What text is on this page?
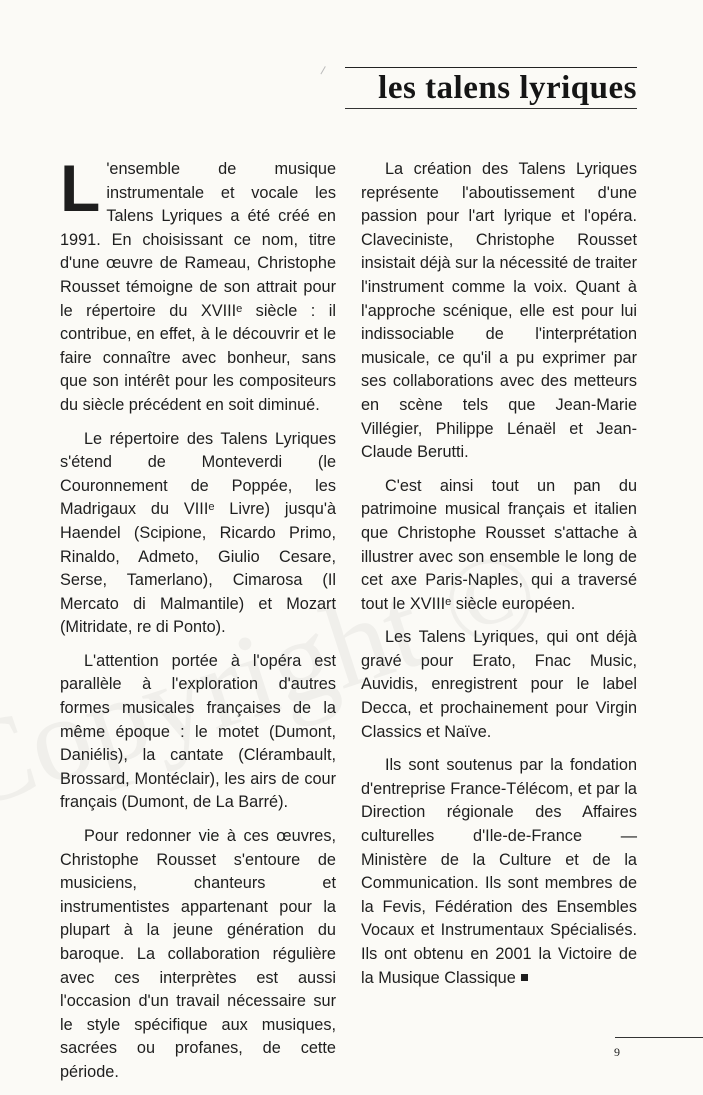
les talens lyriques

L 'ensemble de musique instrumentale et vocale les Talens Lyriques a été créé en 1991. En choisissant ce nom, titre d'une œuvre de Rameau, Christophe Rousset témoigne de son attrait pour le répertoire du XVIIIᵉ siècle : il contribue, en effet, à le découvrir et le faire connaître avec bonheur, sans que son intérêt pour les compositeurs du siècle précédent en soit diminué.

Le répertoire des Talens Lyriques s'étend de Monteverdi (le Couronnement de Poppée, les Madrigaux du VIIIᵉ Livre) jusqu'à Haendel (Scipione, Ricardo Primo, Rinaldo, Admeto, Giulio Cesare, Serse, Tamerlano), Cimarosa (Il Mercato di Malmantile) et Mozart (Mitridate, re di Ponto).

L'attention portée à l'opéra est parallèle à l'exploration d'autres formes musicales françaises de la même époque : le motet (Dumont, Daniélis), la cantate (Clérambault, Brossard, Montéclair), les airs de cour français (Dumont, de La Barré).

Pour redonner vie à ces œuvres, Christophe Rousset s'entoure de musiciens, chanteurs et instrumentistes appartenant pour la plupart à la jeune génération du baroque. La collaboration régulière avec ces interprètes est aussi l'occasion d'un travail nécessaire sur le style spécifique aux musiques, sacrées ou profanes, de cette période.

La création des Talens Lyriques représente l'aboutissement d'une passion pour l'art lyrique et l'opéra. Claveciniste, Christophe Rousset insistait déjà sur la nécessité de traiter l'instrument comme la voix. Quant à l'approche scénique, elle est pour lui indissociable de l'interprétation musicale, ce qu'il a pu exprimer par ses collaborations avec des metteurs en scène tels que Jean-Marie Villégier, Philippe Lénaël et Jean-Claude Berutti.

C'est ainsi tout un pan du patrimoine musical français et italien que Christophe Rousset s'attache à illustrer avec son ensemble le long de cet axe Paris-Naples, qui a traversé tout le XVIIIᵉ siècle européen.

Les Talens Lyriques, qui ont déjà gravé pour Erato, Fnac Music, Auvidis, enregistrent pour le label Decca, et prochainement pour Virgin Classics et Naïve.

Ils sont soutenus par la fondation d'entreprise France-Télécom, et par la Direction régionale des Affaires culturelles d'Ile-de-France — Ministère de la Culture et de la Communication. Ils sont membres de la Fevis, Fédération des Ensembles Vocaux et Instrumentaux Spécialisés. Ils ont obtenu en 2001 la Victoire de la Musique Classique

9
